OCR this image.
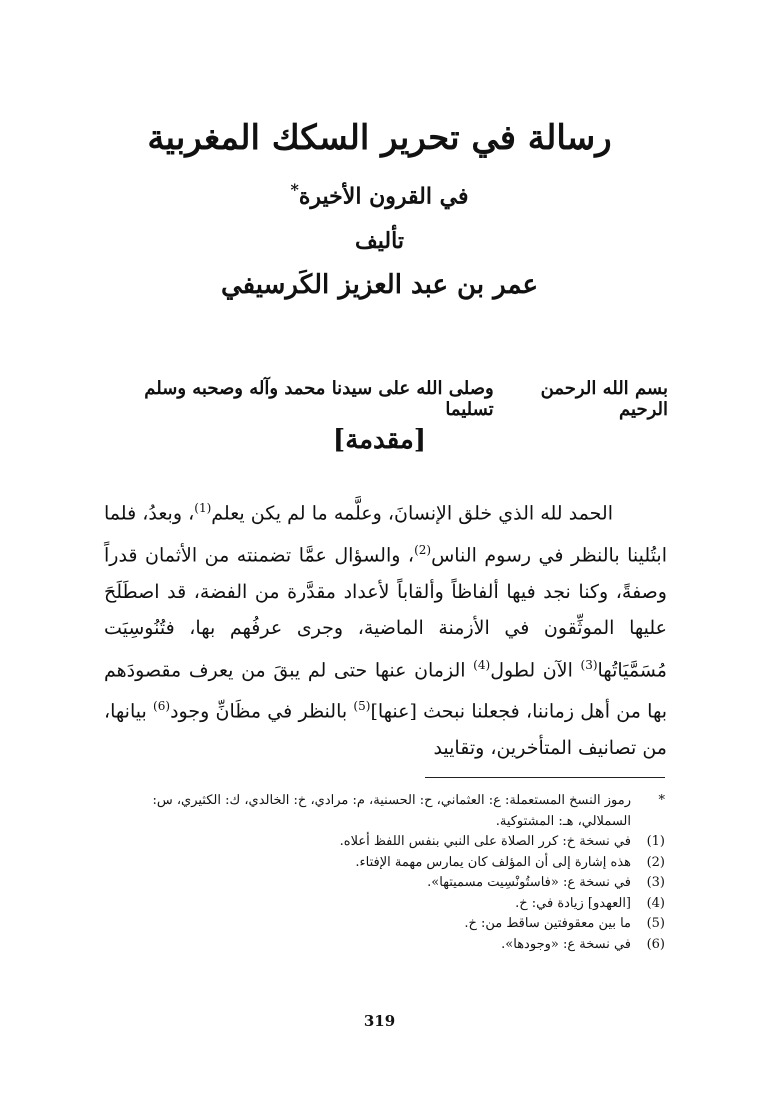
رسالة في تحرير السكك المغربية
في القرون الأخيرة*
تأليف
عمر بن عبد العزيز الكَرسيفي
بسم الله الرحمن الرحيم
وصلى الله على سيدنا محمد وآله وصحبه وسلم تسليما
[مقدمة]

الحمد لله الذي خلق الإنسانَ، وعلَّمه ما لم يكن يعلم$^{(1)}$، وبعدُ، فلما ابتُلينا بالنظر في رسوم الناس$^{(2)}$، والسؤال عمَّا تضمنته من الأثمان قدراً وصفةً، وكنا نجد فيها ألفاظاً وألقاباً لأعداد مقدَّرة من الفضة، قد اصطَلَحَ عليها الموثِّقون في الأزمنة الماضية، وجرى عرفُهم بها، فتُنُوسِيَت مُسَمَّيَاتُها$^{(3)}$ الآن لطول$^{(4)}$ الزمان عنها حتى لم يبقَ من يعرف مقصودَهم بها من أهل زماننا، فجعلنا نبحث [عنها]$^{(5)}$ بالنظر في مظَانِّ وجود$^{(6)}$ بيانها، من تصانيف المتأخرين، وتقاييد

*
رموز النسخ المستعملة: ع: العثماني، ح: الحسنية، م: مرادي، خ: الخالدي، ك: الكثيري، س: السملالي، هـ: المشتوكية.
(1)
في نسخة خ: كرر الصلاة على النبي بنفس اللفظ أعلاه.
(2)
هذه إشارة إلى أن المؤلف كان يمارس مهمة الإفتاء.
(3)
في نسخة ع: «فاستُونْسِيت مسميتها».
(4)
[العهدو] زيادة في: خ.
(5)
ما بين معقوفتين ساقط من: خ.
(6)
في نسخة ع: «وجودها».
319
